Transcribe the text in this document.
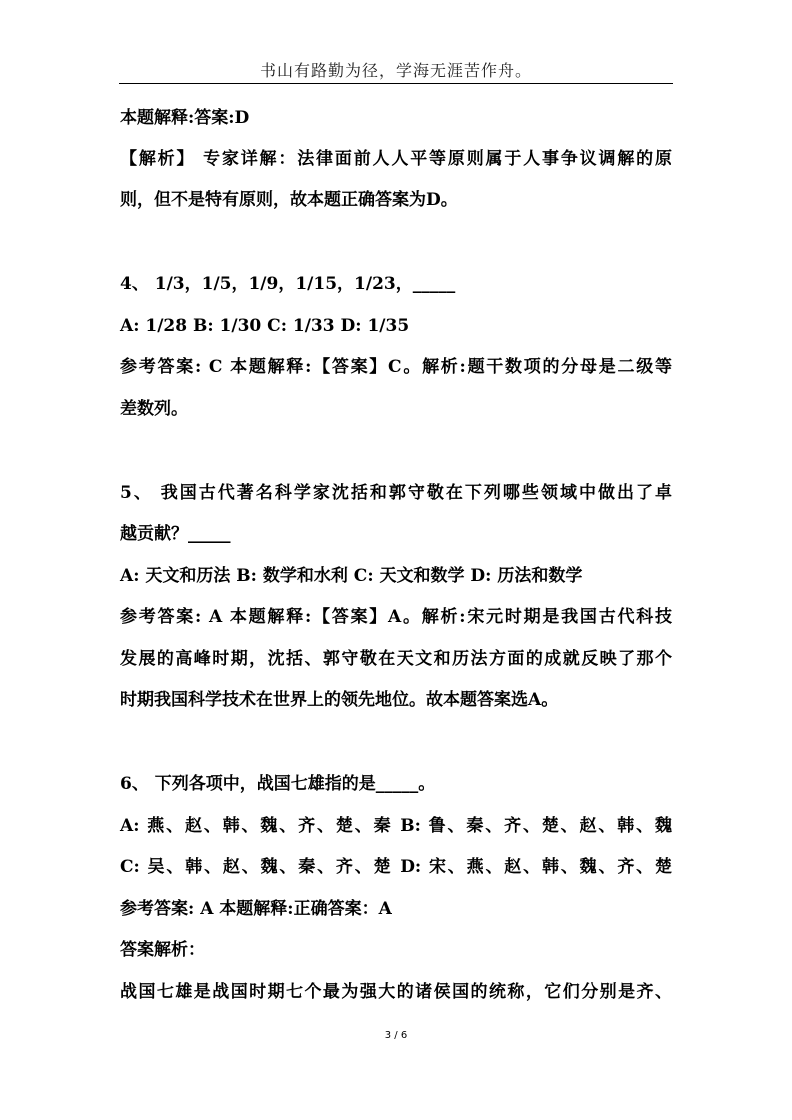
书山有路勤为径，学海无涯苦作舟。
本题解释:答案:D
【解析】 专家详解：法律面前人人平等原则属于人事争议调解的原
则，但不是特有原则，故本题正确答案为D。
4、 1/3，1/5，1/9，1/15，1/23，_____
A: 1/28 B: 1/30 C: 1/33 D: 1/35
参考答案: C 本题解释:【答案】C。解析:题干数项的分母是二级等
差数列。
5、 我国古代著名科学家沈括和郭守敬在下列哪些领域中做出了卓
越贡献？_____
A: 天文和历法 B: 数学和水利 C: 天文和数学 D: 历法和数学
参考答案: A 本题解释:【答案】A。解析:宋元时期是我国古代科技
发展的高峰时期，沈括、郭守敬在天文和历法方面的成就反映了那个
时期我国科学技术在世界上的领先地位。故本题答案选A。
6、 下列各项中，战国七雄指的是_____。
A: 燕、赵、韩、魏、齐、楚、秦 B: 鲁、秦、齐、楚、赵、韩、魏
C: 吴、韩、赵、魏、秦、齐、楚 D: 宋、燕、赵、韩、魏、齐、楚
参考答案: A 本题解释:正确答案：A
答案解析：
战国七雄是战国时期七个最为强大的诸侯国的统称，它们分别是齐、
3 / 6
